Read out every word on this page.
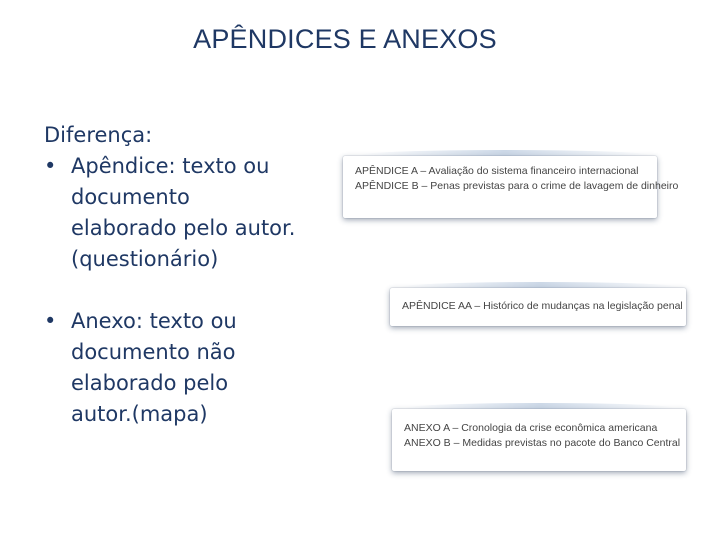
APÊNDICES E ANEXOS

Diferença:

• Apêndice: texto ou
documento
elaborado pelo autor.
(questionário)
• Anexo: texto ou
documento não
elaborado pelo
autor.(mapa)
APÊNDICE A – Avaliação do sistema financeiro internacional
APÊNDICE B – Penas previstas para o crime de lavagem de dinheiro
APÊNDICE AA – Histórico de mudanças na legislação penal
ANEXO A – Cronologia da crise econômica americana
ANEXO B – Medidas previstas no pacote do Banco Central
